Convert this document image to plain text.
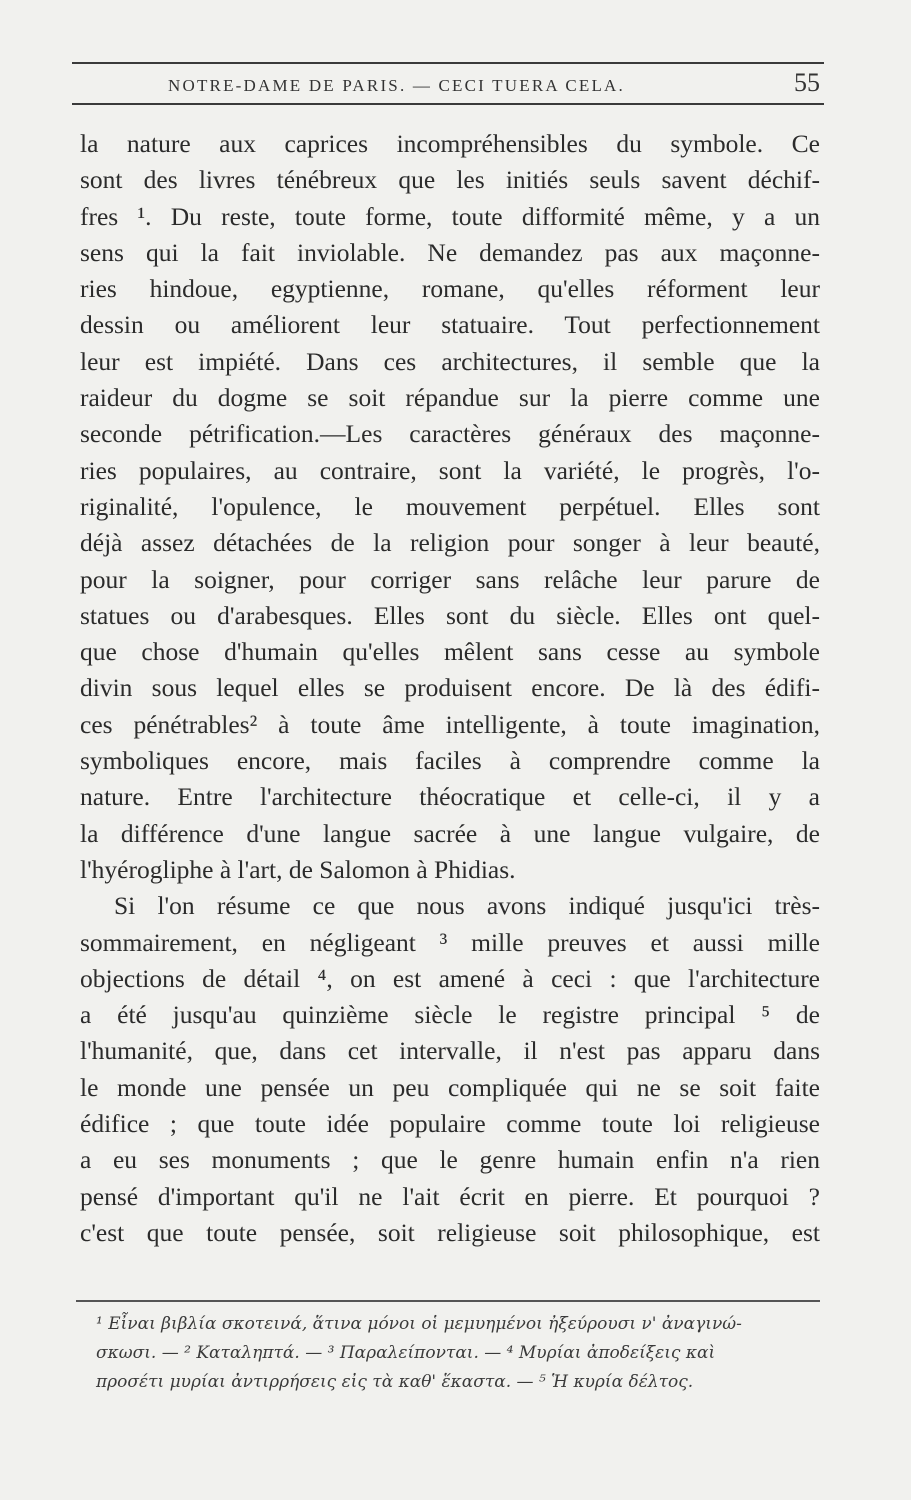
NOTRE-DAME DE PARIS. — CECI TUERA CELA.	55
la nature aux caprices incompréhensibles du symbole. Ce
sont des livres ténébreux que les initiés seuls savent déchif-
fres ¹. Du reste, toute forme, toute difformité même, y a un
sens qui la fait inviolable. Ne demandez pas aux maçonne-
ries hindoue, egyptienne, romane, qu'elles réforment leur
dessin ou améliorent leur statuaire. Tout perfectionnement
leur est impiété. Dans ces architectures, il semble que la
raideur du dogme se soit répandue sur la pierre comme une
seconde pétrification.—Les caractères généraux des maçonne-
ries populaires, au contraire, sont la variété, le progrès, l'o-
riginalité, l'opulence, le mouvement perpétuel. Elles sont
déjà assez détachées de la religion pour songer à leur beauté,
pour la soigner, pour corriger sans relâche leur parure de
statues ou d'arabesques. Elles sont du siècle. Elles ont quel-
que chose d'humain qu'elles mêlent sans cesse au symbole
divin sous lequel elles se produisent encore. De là des édifi-
ces pénétrables² à toute âme intelligente, à toute imagination,
symboliques encore, mais faciles à comprendre comme la
nature. Entre l'architecture théocratique et celle-ci, il y a
la différence d'une langue sacrée à une langue vulgaire, de
l'hyérogliphe à l'art, de Salomon à Phidias.
Si l'on résume ce que nous avons indiqué jusqu'ici très-
sommairement, en négligeant ³ mille preuves et aussi mille
objections de détail ⁴, on est amené à ceci : que l'architecture
a été jusqu'au quinzième siècle le registre principal ⁵ de
l'humanité, que, dans cet intervalle, il n'est pas apparu dans
le monde une pensée un peu compliquée qui ne se soit faite
édifice ; que toute idée populaire comme toute loi religieuse
a eu ses monuments ; que le genre humain enfin n'a rien
pensé d'important qu'il ne l'ait écrit en pierre. Et pourquoi ?
c'est que toute pensée, soit religieuse soit philosophique, est
¹ Εἶναι βιβλία σκοτεινά, ἅτινα μόνοι οἱ μεμυημένοι ἠξεύρουσι ν' ἀναγινώ-
σκωσι. — ² Καταληπτά. — ³ Παραλείπονται. — ⁴ Μυρίαι ἀποδείξεις καὶ
προσέτι μυρίαι ἀντιρρήσεις εἰς τὰ καθ' ἕκαστα. — ⁵ Ἡ κυρία δέλτος.
